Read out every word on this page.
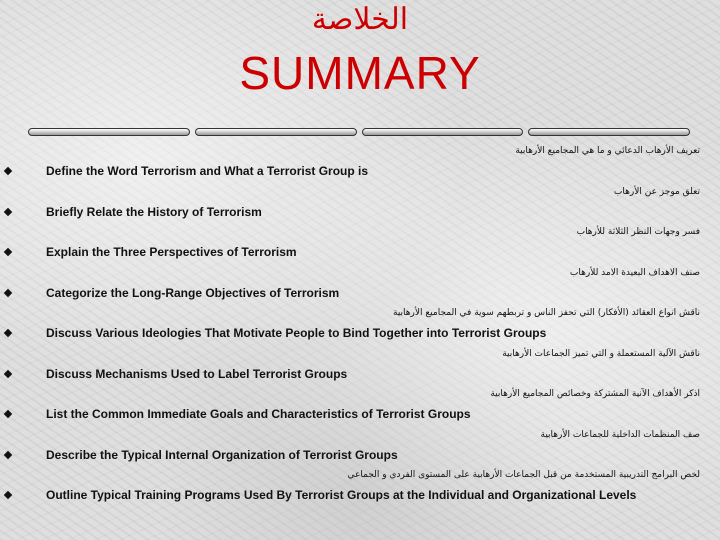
الخلاصة
SUMMARY
تعريف الأرهاب الدعائي و ما هي المجاميع الأرهابية
Define the Word Terrorism and What a Terrorist Group is
تعلق موجز عن الأرهاب
Briefly Relate the History of Terrorism
فسر وجهات النظر الثلاثة للأرهاب
Explain the Three Perspectives of Terrorism
صنف الاهداف البعيدة الامد للأرهاب
Categorize the Long-Range Objectives of Terrorism
ناقش انواع العقائد (الأفكار) التي تحفز الناس و تربطهم سوية في المجاميع الأرهابية
Discuss Various Ideologies That Motivate People to Bind Together into Terrorist Groups
ناقش الآلية المستعملة و التي تميز الجماعات الأرهابية
Discuss Mechanisms Used to Label Terrorist Groups
اذكر الأهداف الآنية المشتركة وخصائص المجاميع الأرهابية
List the Common Immediate Goals and Characteristics of Terrorist Groups
صف المنظمات الداخلية للجماعات الأرهابية
Describe the Typical Internal Organization of Terrorist Groups
لخص البرامج التدريبية المستخدمة من قبل الجماعات الأرهابية على المستوى الفردي و الجماعي
Outline Typical Training Programs Used By Terrorist Groups at the Individual and Organizational Levels
